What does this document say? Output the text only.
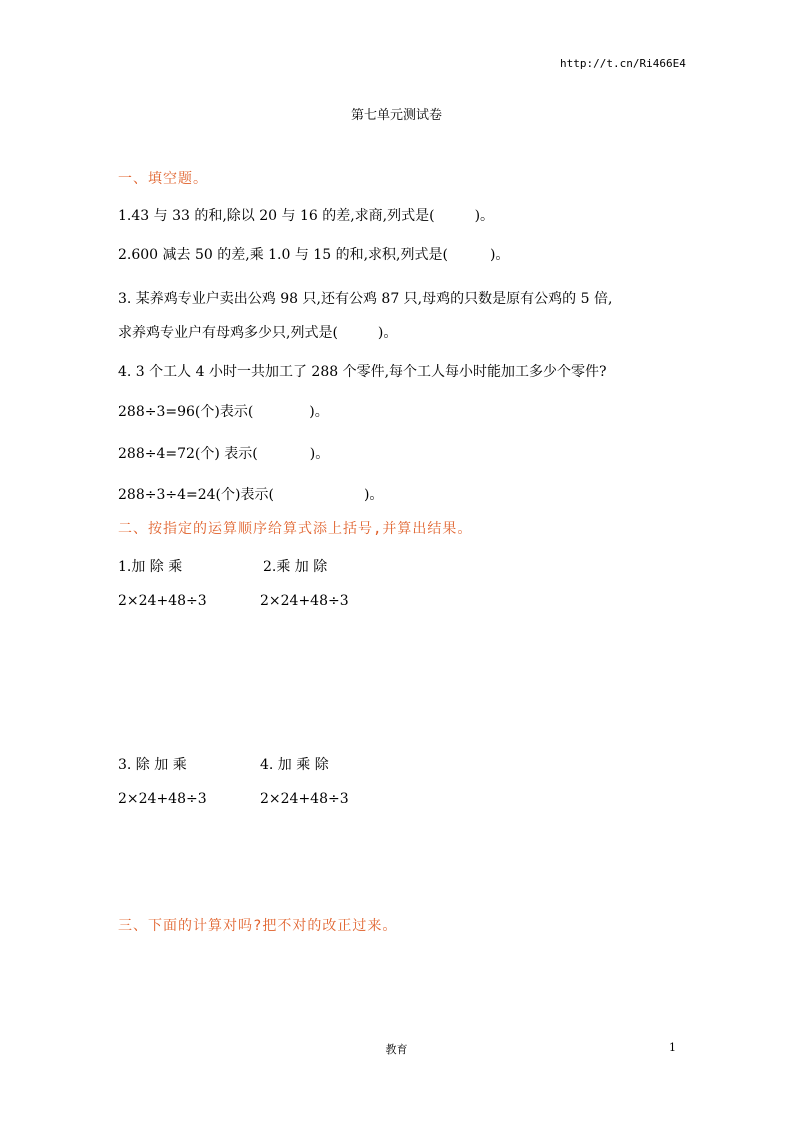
http://t.cn/Ri466E4
第七单元测试卷
一、填空题。
1.43 与 33 的和,除以 20 与 16 的差,求商,列式是(	)。
2.600 减去 50 的差,乘 1.0 与 15 的和,求积,列式是(	)。
3. 某养鸡专业户卖出公鸡 98 只,还有公鸡 87 只,母鸡的只数是原有公鸡的 5 倍,
求养鸡专业户有母鸡多少只,列式是(	)。
4. 3 个工人 4 小时一共加工了 288 个零件,每个工人每小时能加工多少个零件?
288÷3=96(个)表示(	)。
288÷4=72(个) 表示(	)。
288÷3÷4=24(个)表示(	)。
二、按指定的运算顺序给算式添上括号,并算出结果。
1.加 除 乘	2.乘 加 除
2×24+48÷3	2×24+48÷3
3. 除 加 乘	4. 加 乘 除
2×24+48÷3	2×24+48÷3
三、下面的计算对吗?把不对的改正过来。
教育	1
